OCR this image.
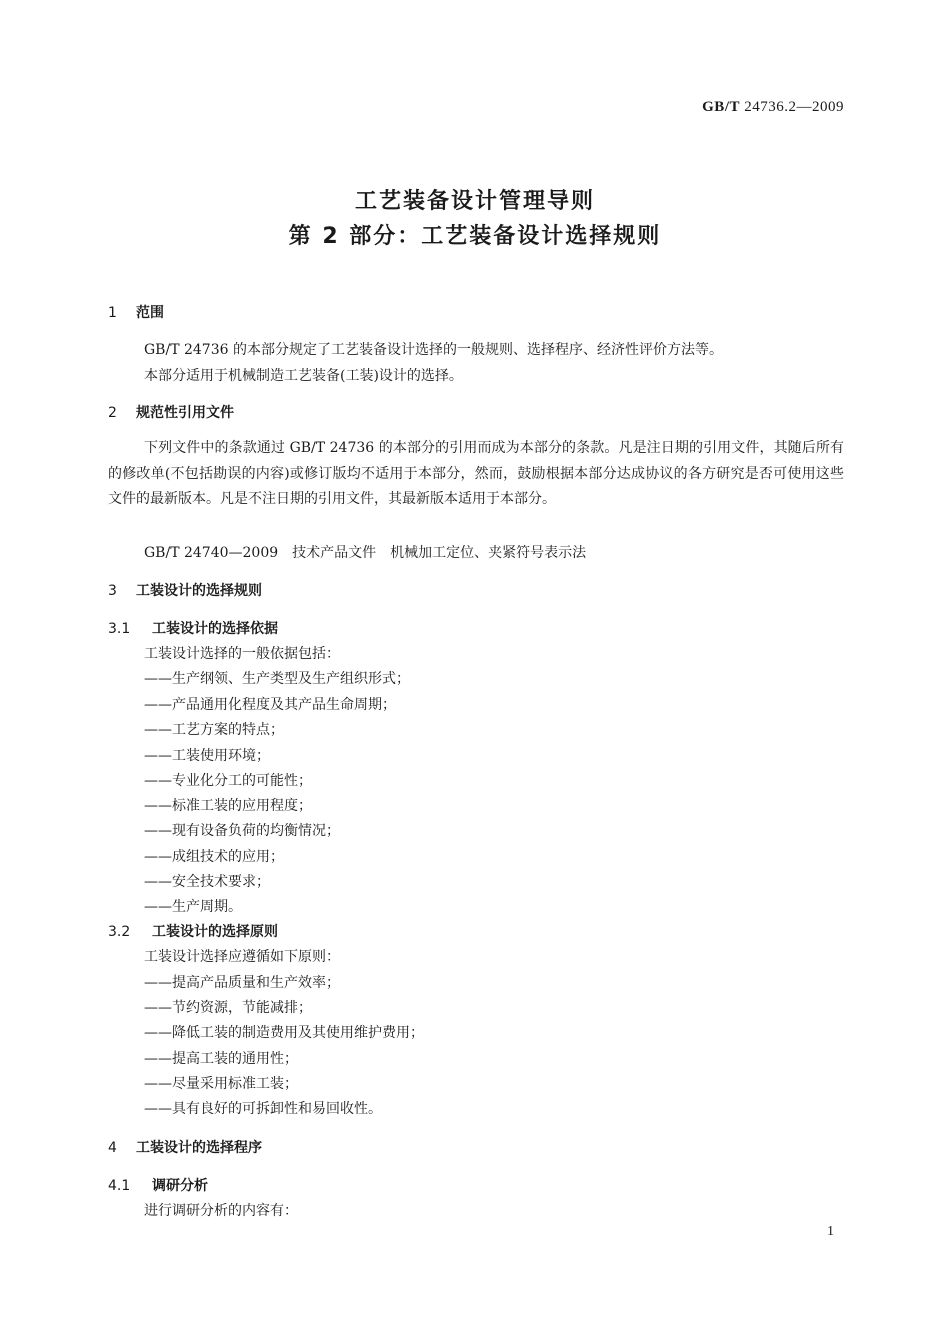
GB/T 24736.2—2009
工艺装备设计管理导则
第 2 部分：工艺装备设计选择规则
1 范围
GB/T 24736 的本部分规定了工艺装备设计选择的一般规则、选择程序、经济性评价方法等。
本部分适用于机械制造工艺装备(工装)设计的选择。
2 规范性引用文件
下列文件中的条款通过 GB/T 24736 的本部分的引用而成为本部分的条款。凡是注日期的引用文件，其随后所有的修改单(不包括勘误的内容)或修订版均不适用于本部分，然而，鼓励根据本部分达成协议的各方研究是否可使用这些文件的最新版本。凡是不注日期的引用文件，其最新版本适用于本部分。
GB/T 24740—2009　技术产品文件　机械加工定位、夹紧符号表示法
3 工装设计的选择规则
3.1 工装设计的选择依据
工装设计选择的一般依据包括：
——生产纲领、生产类型及生产组织形式；
——产品通用化程度及其产品生命周期；
——工艺方案的特点；
——工装使用环境；
——专业化分工的可能性；
——标准工装的应用程度；
——现有设备负荷的均衡情况；
——成组技术的应用；
——安全技术要求；
——生产周期。
3.2 工装设计的选择原则
工装设计选择应遵循如下原则：
——提高产品质量和生产效率；
——节约资源，节能减排；
——降低工装的制造费用及其使用维护费用；
——提高工装的通用性；
——尽量采用标准工装；
——具有良好的可拆卸性和易回收性。
4 工装设计的选择程序
4.1 调研分析
进行调研分析的内容有：
1
